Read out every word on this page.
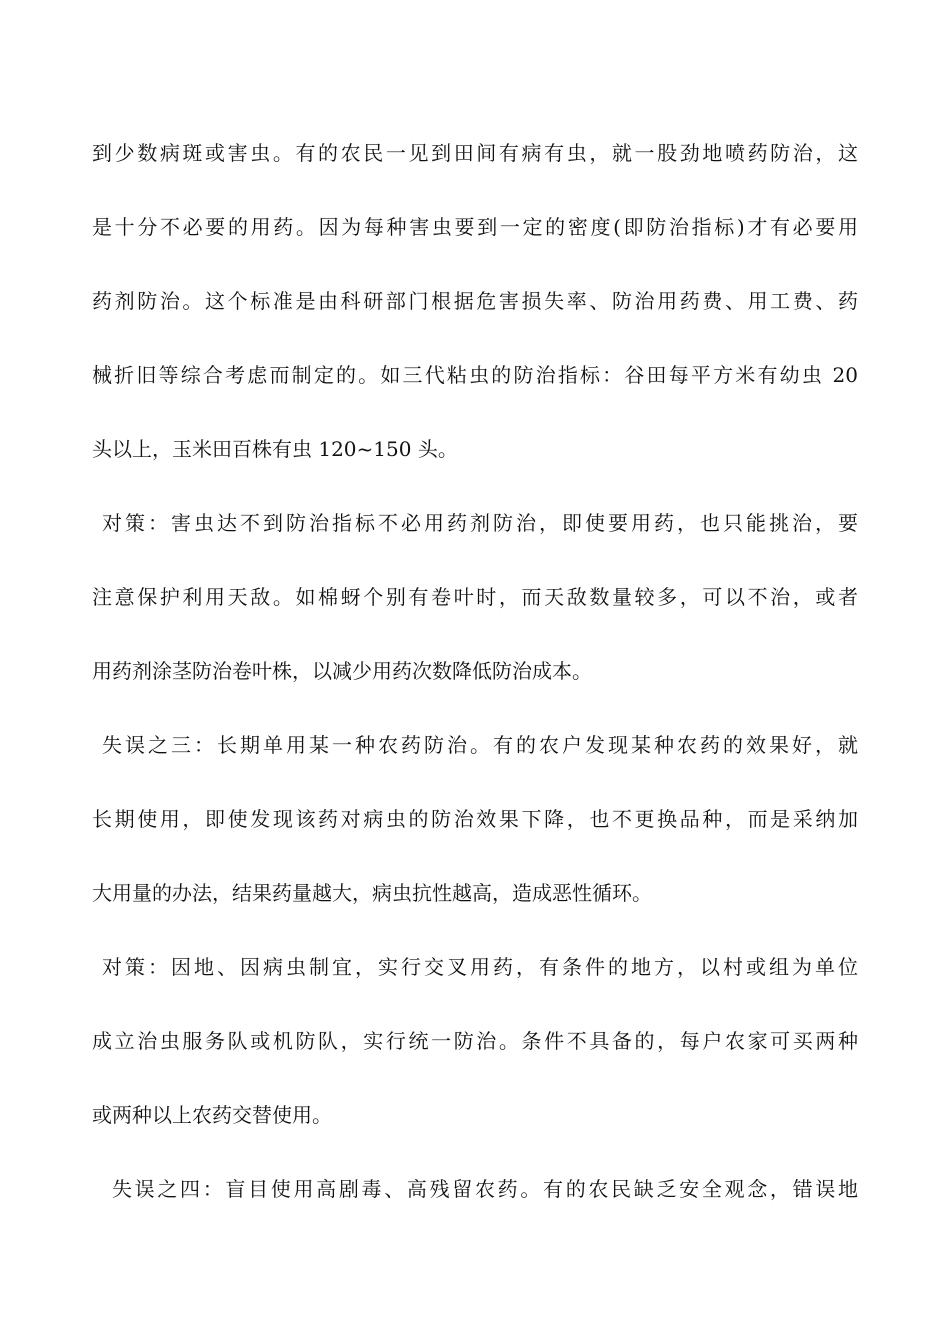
到少数病斑或害虫。有的农民一见到田间有病有虫，就一股劲地喷药防治，这
是十分不必要的用药。因为每种害虫要到一定的密度(即防治指标)才有必要用
药剂防治。这个标准是由科研部门根据危害损失率、防治用药费、用工费、药
械折旧等综合考虑而制定的。如三代粘虫的防治指标：谷田每平方米有幼虫 20
头以上，玉米田百株有虫 120~150 头。
对策：害虫达不到防治指标不必用药剂防治，即使要用药，也只能挑治，要
注意保护利用天敌。如棉蚜个别有卷叶时，而天敌数量较多，可以不治，或者
用药剂涂茎防治卷叶株，以减少用药次数降低防治成本。
失误之三：长期单用某一种农药防治。有的农户发现某种农药的效果好，就
长期使用，即使发现该药对病虫的防治效果下降，也不更换品种，而是采纳加
大用量的办法，结果药量越大，病虫抗性越高，造成恶性循环。
对策：因地、因病虫制宜，实行交叉用药，有条件的地方，以村或组为单位
成立治虫服务队或机防队，实行统一防治。条件不具备的，每户农家可买两种
或两种以上农药交替使用。
失误之四：盲目使用高剧毒、高残留农药。有的农民缺乏安全观念，错误地
